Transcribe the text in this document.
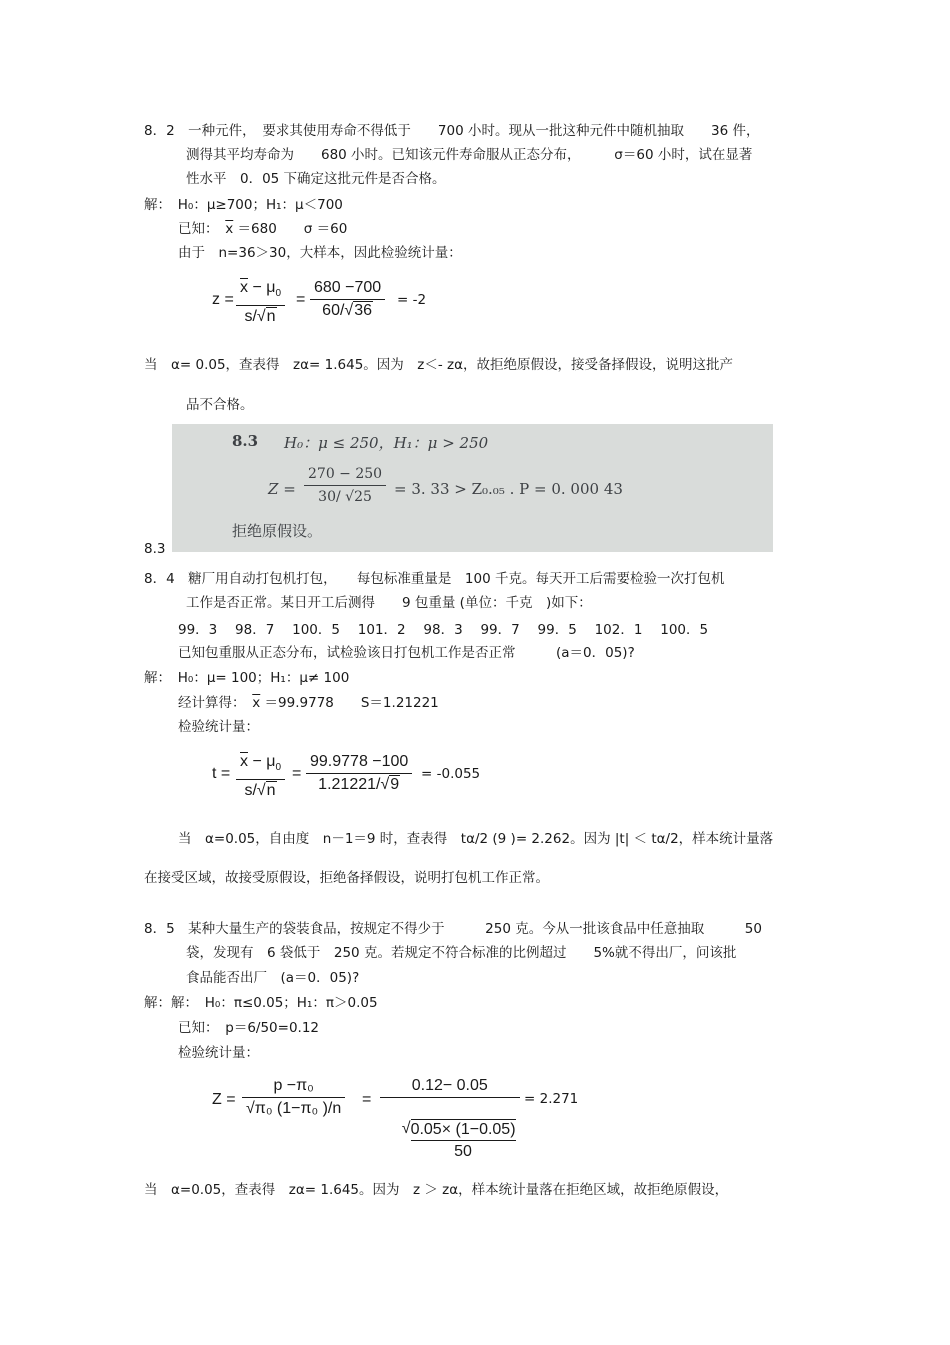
8．2　一种元件，　要求其使用寿命不得低于　　700 小时。现从一批这种元件中随机抽取　　36 件，
测得其平均寿命为　　680 小时。已知该元件寿命服从正态分布，　　　σ＝60 小时，试在显著
性水平　0．05 下确定这批元件是否合格。
解：　H₀：μ≥700；H₁：μ＜700
已知：　$\overline{x} =680$　　σ ＝60
由于　n=36＞30，大样本，因此检验统计量：
z =
$\overline{x} - \mu_0$
s/√n
=
680 −700
60/√36
= -2
当　α= 0.05，查表得　zα= 1.645。因为　z＜- zα，故拒绝原假设，接受备择假设，说明这批产
品不合格。

8.3 H₀：μ ≤ 250，H₁：μ > 250
Z =
270 − 250
30/ √25 = 3. 33 > Z₀.₀₅ . P = 0. 000 43
拒绝原假设。
8.3
8．4　糖厂用自动打包机打包，　　每包标准重量是　100 千克。每天开工后需要检验一次打包机
工作是否正常。某日开工后测得　　9 包重量 (单位：千克　)如下：
99．3　 98．7　 100．5　 101．2　 98．3　 99．7　 99．5　 102．1　 100．5
已知包重服从正态分布，试检验该日打包机工作是否正常　　　(a＝0．05)?
解：　H₀：μ= 100；H₁：μ≠ 100
经计算得：　$\overline{x} =99.9778$　　S＝1.21221
检验统计量：
t =
$\overline{x} - \mu_0$
s/√n
=
99.9778 −100
1.21221/√9
= -0.055
当　α=0.05，自由度　n－1＝9 时，查表得　tα/2 (9 )= 2.262。因为 |t| ＜ tα/2，样本统计量落
在接受区域，故接受原假设，拒绝备择假设，说明打包机工作正常。
8．5　某种大量生产的袋装食品，按规定不得少于　　　250 克。今从一批该食品中任意抽取　　　50
袋，发现有　6 袋低于　250 克。若规定不符合标准的比例超过　　5%就不得出厂，问该批
食品能否出厂　(a＝0．05)?
解：解：　H₀：π≤0.05；H₁：π＞0.05
已知：　p＝6/50=0.12
检验统计量：
Z =
p −π₀
√π₀ (1−π₀ )/n
=
0.12− 0.05

√ 0.05× (1−0.05)
50

= 2.271
当　α=0.05，查表得　zα= 1.645。因为　z ＞ zα，样本统计量落在拒绝区域，故拒绝原假设，
